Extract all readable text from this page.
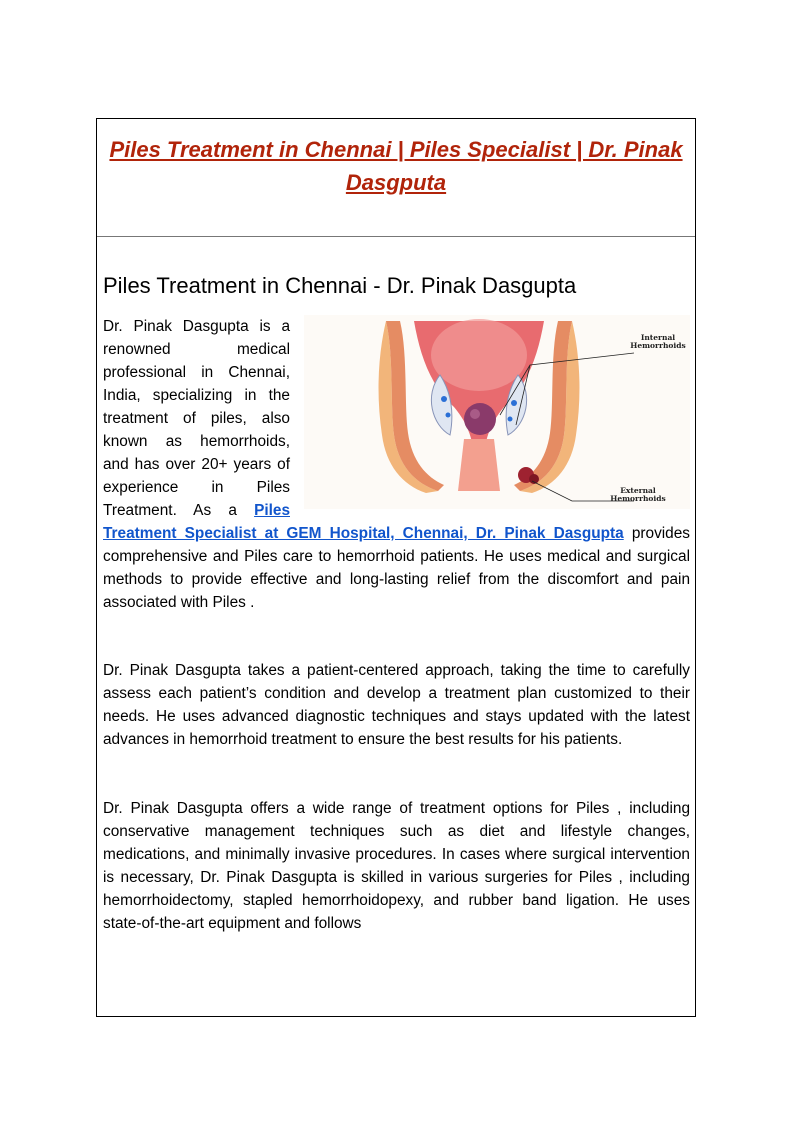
Piles Treatment in Chennai | Piles Specialist | Dr. Pinak Dasgputa
Piles Treatment in Chennai - Dr. Pinak Dasgupta

Internal
Hemorrhoids
External
Hemorrhoids
Dr. Pinak Dasgupta is a renowned medical professional in Chennai, India, specializing in the treatment of piles, also known as hemorrhoids, and has over 20+ years of experience in Piles Treatment. As a Piles Treatment Specialist at GEM Hospital, Chennai, Dr. Pinak Dasgupta provides comprehensive and Piles care to hemorrhoid patients. He uses medical and surgical methods to provide effective and long-lasting relief from the discomfort and pain associated with Piles .

Dr. Pinak Dasgupta takes a patient-centered approach, taking the time to carefully assess each patient’s condition and develop a treatment plan customized to their needs. He uses advanced diagnostic techniques and stays updated with the latest advances in hemorrhoid treatment to ensure the best results for his patients.

Dr. Pinak Dasgupta offers a wide range of treatment options for Piles , including conservative management techniques such as diet and lifestyle changes, medications, and minimally invasive procedures. In cases where surgical intervention is necessary, Dr. Pinak Dasgupta is skilled in various surgeries for Piles , including hemorrhoidectomy, stapled hemorrhoidopexy, and rubber band ligation. He uses state-of-the-art equipment and follows
